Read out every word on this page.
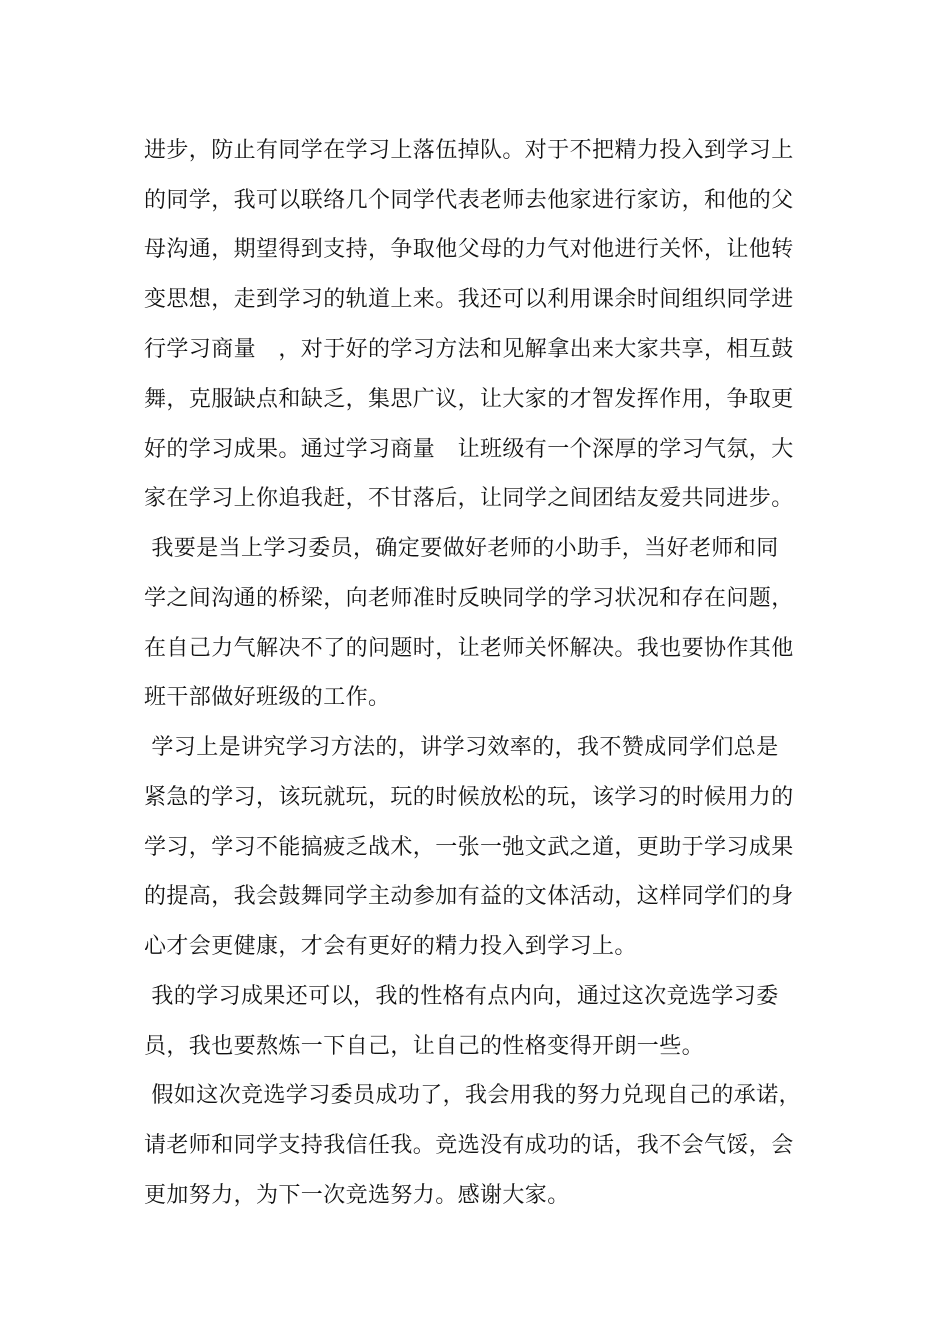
进步，防止有同学在学习上落伍掉队。对于不把精力投入到学习上
的同学，我可以联络几个同学代表老师去他家进行家访，和他的父
母沟通，期望得到支持，争取他父母的力气对他进行关怀，让他转
变思想，走到学习的轨道上来。我还可以利用课余时间组织同学进
行学习商量　，对于好的学习方法和见解拿出来大家共享，相互鼓
舞，克服缺点和缺乏，集思广议，让大家的才智发挥作用，争取更
好的学习成果。通过学习商量　让班级有一个深厚的学习气氛，大
家在学习上你追我赶，不甘落后，让同学之间团结友爱共同进步。
我要是当上学习委员，确定要做好老师的小助手，当好老师和同
学之间沟通的桥梁，向老师准时反映同学的学习状况和存在问题，
在自己力气解决不了的问题时，让老师关怀解决。我也要协作其他
班干部做好班级的工作。
学习上是讲究学习方法的，讲学习效率的，我不赞成同学们总是
紧急的学习，该玩就玩，玩的时候放松的玩，该学习的时候用力的
学习，学习不能搞疲乏战术，一张一弛文武之道，更助于学习成果
的提高，我会鼓舞同学主动参加有益的文体活动，这样同学们的身
心才会更健康，才会有更好的精力投入到学习上。
我的学习成果还可以，我的性格有点内向，通过这次竞选学习委
员，我也要熬炼一下自己，让自己的性格变得开朗一些。
假如这次竞选学习委员成功了，我会用我的努力兑现自己的承诺，
请老师和同学支持我信任我。竞选没有成功的话，我不会气馁，会
更加努力，为下一次竞选努力。感谢大家。
